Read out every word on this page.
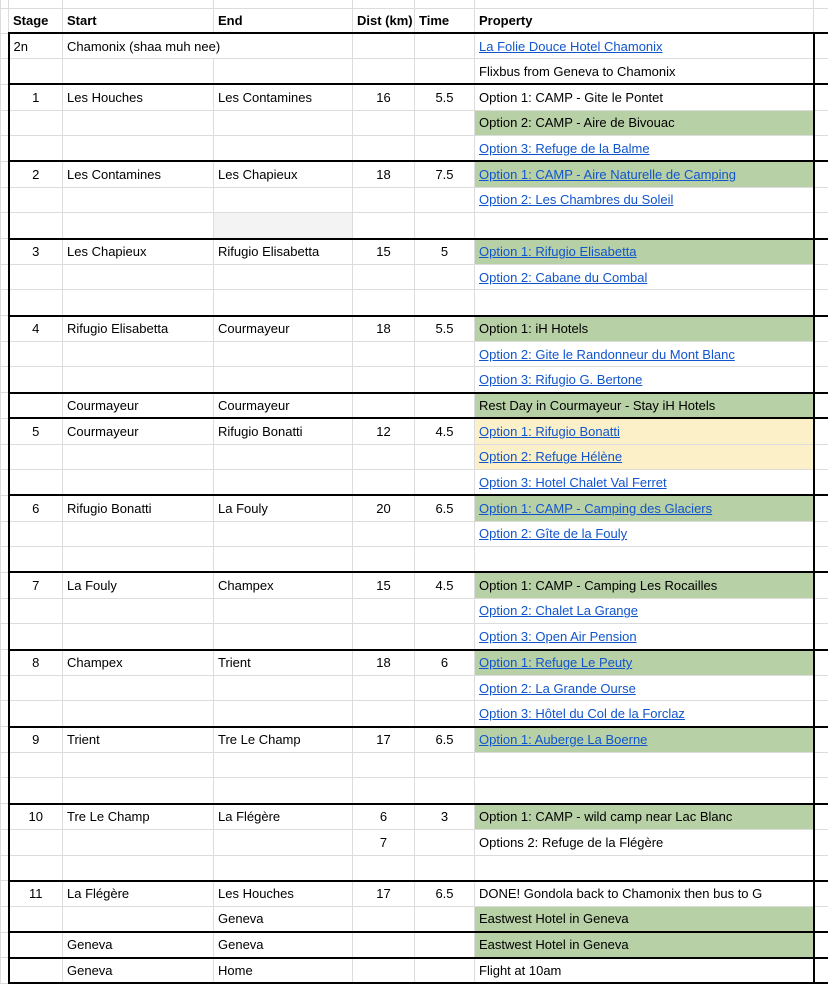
	Stage	Start	End	Dist (km)	Time	Property	
	2n	Chamonix (shaa muh nee)				La Folie Douce Hotel Chamonix	
						Flixbus from Geneva to Chamonix	
	1	Les Houches	Les Contamines	16	5.5	Option 1: CAMP - Gite le Pontet	
						Option 2: CAMP - Aire de Bivouac	
						Option 3: Refuge de la Balme	
	2	Les Contamines	Les Chapieux	18	7.5	Option 1: CAMP - Aire Naturelle de Camping	
						Option 2: Les Chambres du Soleil	

	3	Les Chapieux	Rifugio Elisabetta	15	5	Option 1: Rifugio Elisabetta	
						Option 2: Cabane du Combal	

	4	Rifugio Elisabetta	Courmayeur	18	5.5	Option 1: iH Hotels	
						Option 2: Gite le Randonneur du Mont Blanc	
						Option 3: Rifugio G. Bertone	
		Courmayeur	Courmayeur			Rest Day in Courmayeur - Stay iH Hotels	
	5	Courmayeur	Rifugio Bonatti	12	4.5	Option 1: Rifugio Bonatti	
						Option 2: Refuge Hélène	
						Option 3: Hotel Chalet Val Ferret	
	6	Rifugio Bonatti	La Fouly	20	6.5	Option 1: CAMP - Camping des Glaciers	
						Option 2: Gîte de la Fouly	

	7	La Fouly	Champex	15	4.5	Option 1: CAMP - Camping Les Rocailles	
						Option 2: Chalet La Grange	
						Option 3: Open Air Pension	
	8	Champex	Trient	18	6	Option 1: Refuge Le Peuty	
						Option 2: La Grande Ourse	
						Option 3: Hôtel du Col de la Forclaz	
	9	Trient	Tre Le Champ	17	6.5	Option 1: Auberge La Boerne	

	10	Tre Le Champ	La Flégère	6	3	Option 1: CAMP - wild camp near Lac Blanc	
				7		Options 2: Refuge de la Flégère	

	11	La Flégère	Les Houches	17	6.5	DONE! Gondola back to Chamonix then bus to G	
			Geneva			Eastwest Hotel in Geneva	
		Geneva	Geneva			Eastwest Hotel in Geneva	
		Geneva	Home			Flight at 10am	
